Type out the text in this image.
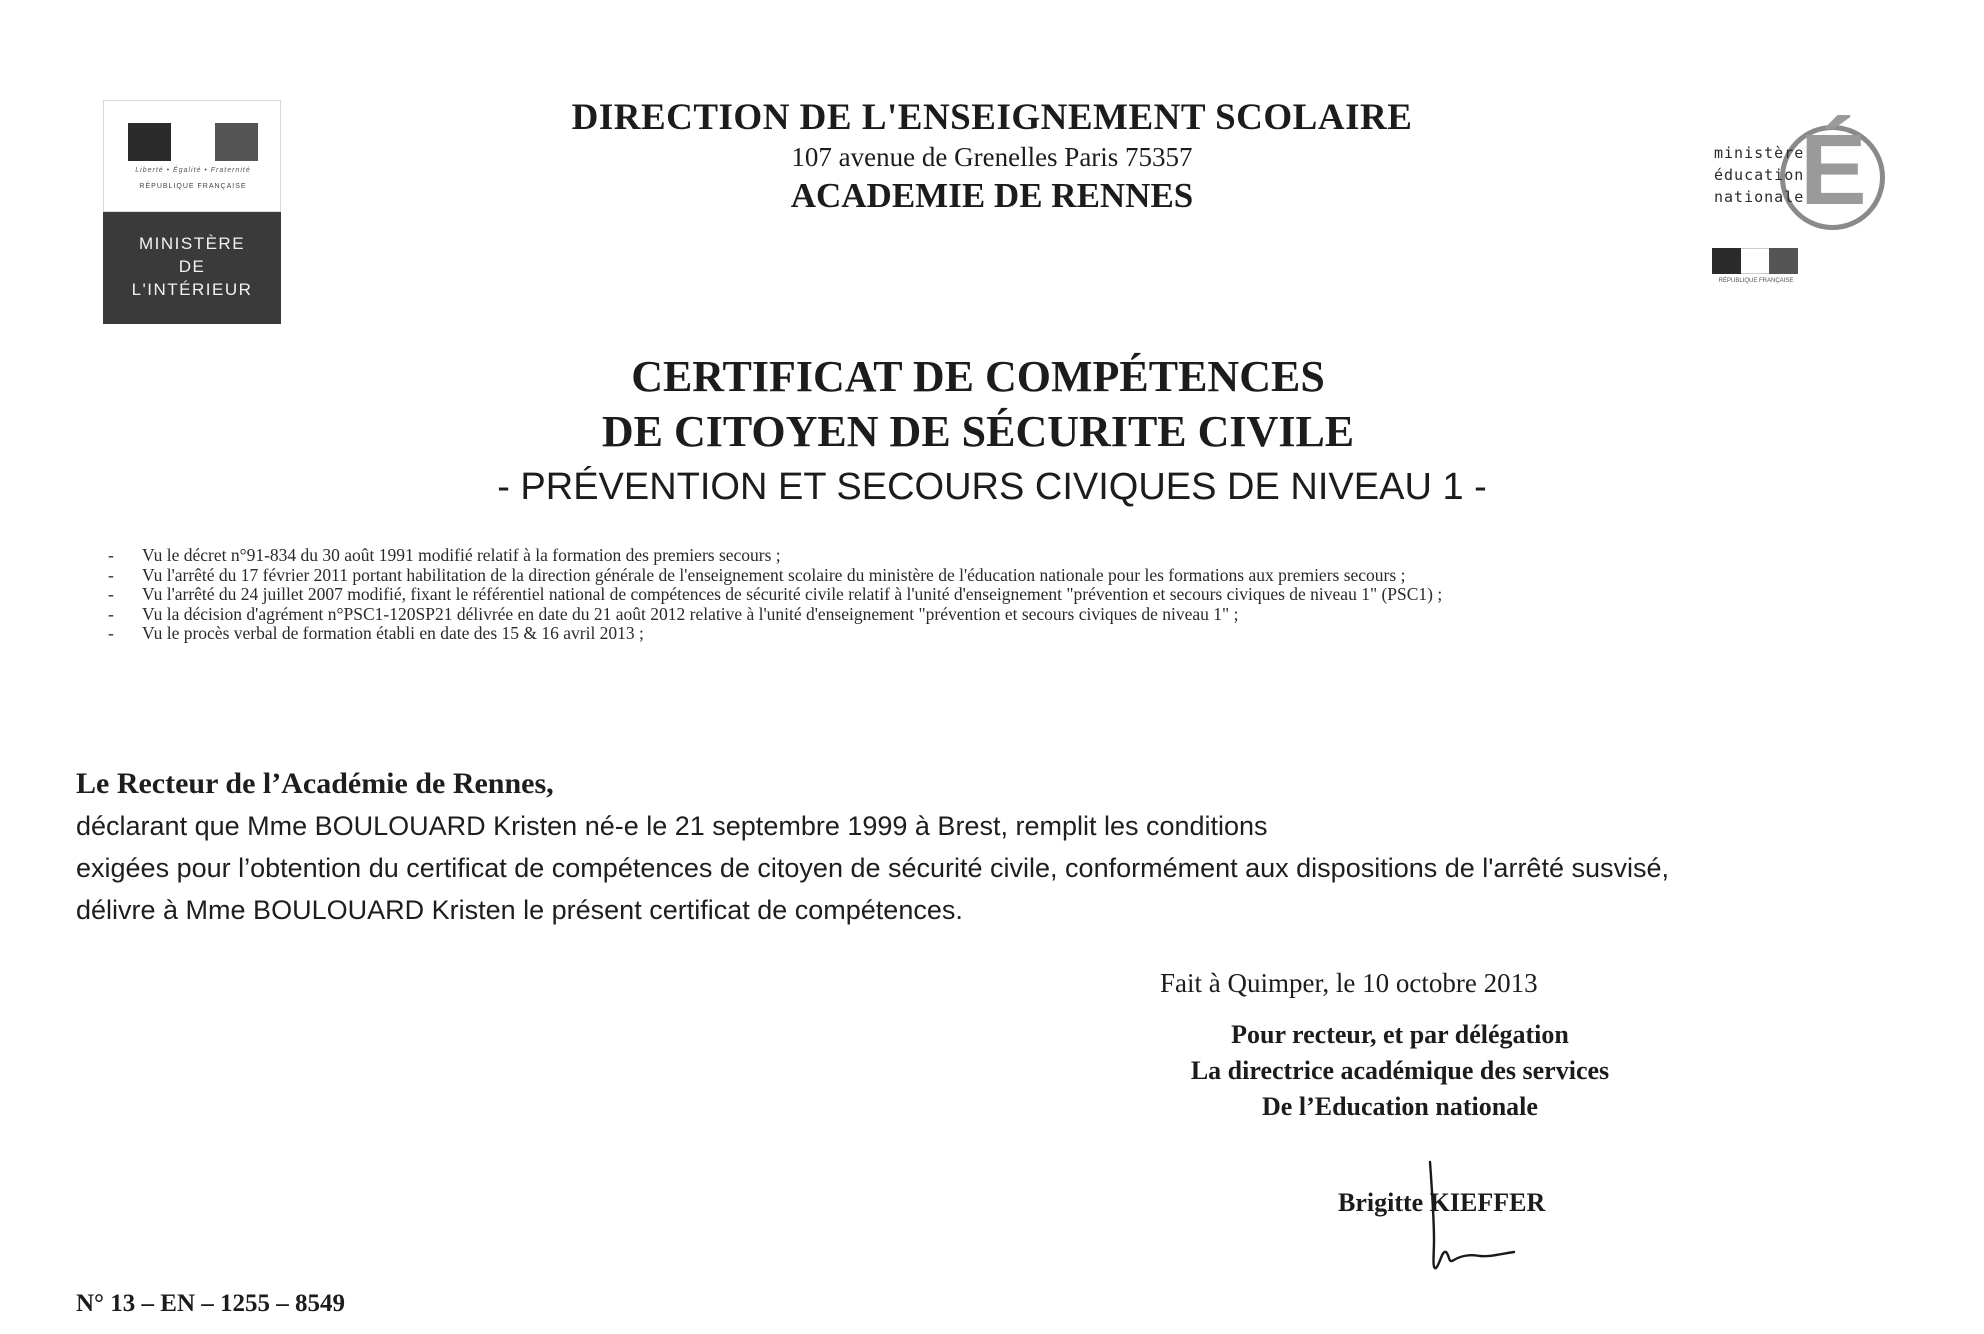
Liberté • Égalité • Fraternité
RÉPUBLIQUE FRANÇAISE
MINISTÈRE
DE
L'INTÉRIEUR
É
ministère
éducation
nationale
RÉPUBLIQUE FRANÇAISE
DIRECTION DE L'ENSEIGNEMENT SCOLAIRE
107 avenue de Grenelles Paris 75357
ACADEMIE DE RENNES
CERTIFICAT DE COMPÉTENCES
DE CITOYEN DE SÉCURITE CIVILE
- PRÉVENTION ET SECOURS CIVIQUES DE NIVEAU 1 -
- Vu le décret n°91-834 du 30 août 1991 modifié relatif à la formation des premiers secours ;
- Vu l'arrêté du 17 février 2011 portant habilitation de la direction générale de l'enseignement scolaire du ministère de l'éducation nationale pour les formations aux premiers secours ;
- Vu l'arrêté du 24 juillet 2007 modifié, fixant le référentiel national de compétences de sécurité civile relatif à l'unité d'enseignement "prévention et secours civiques de niveau 1" (PSC1) ;
- Vu la décision d'agrément n°PSC1-120SP21 délivrée en date du 21 août 2012 relative à l'unité d'enseignement "prévention et secours civiques de niveau 1" ;
- Vu le procès verbal de formation établi en date des 15 & 16 avril 2013 ;
Le Recteur de l’Académie de Rennes,
déclarant que Mme BOULOUARD Kristen né-e le 21 septembre 1999 à Brest, remplit les conditions
exigées pour l’obtention du certificat de compétences de citoyen de sécurité civile, conformément aux dispositions de l'arrêté susvisé,
délivre à Mme BOULOUARD Kristen le présent certificat de compétences.
Fait à Quimper, le 10 octobre 2013
Pour recteur, et par délégation
La directrice académique des services
De l’Education nationale
Brigitte KIEFFER
N° 13 – EN – 1255 – 8549
